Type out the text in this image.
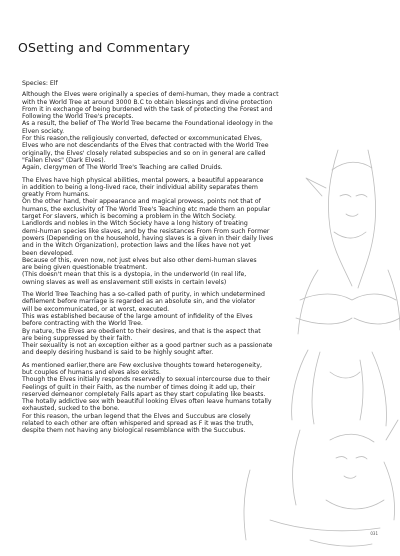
OSetting and Commentary

Species: Elf

Although the Elves were originally a species of demi-human, they made a contract
with the World Tree at around 3000 B.C to obtain blessings and divine protection
From it in exchange of being burdened with the task of protecting the Forest and
Following the World Tree's precepts.
As a result, the belief of The World Tree became the Foundational ideology in the
Elven society.
For this reason,the religiously converted, defected or excommunicated Elves,
Elves who are not descendants of the Elves that contracted with the World Tree
originally, the Elves' closely related subspecies and so on in general are called
"Fallen Elves" (Dark Elves).
Again, clergymen of The World Tree's Teaching are called Druids.
The Elves have high physical abilities, mental powers, a beautiful appearance
in addition to being a long-lived race, their individual ability separates them
greatly From humans.
On the other hand, their appearance and magical prowess, points not that of
humans, the exclusivity of The World Tree's Teaching etc made them an popular
target For slavers, which is becoming a problem in the Witch Society.
Landlords and nobles in the Witch Society have a long history of treating
demi-human species like slaves, and by the resistances From From such Former
powers (Depending on the household, having slaves is a given in their daily lives
and in the Witch Organization), protection laws and the likes have not yet
been developed.
Because of this, even now, not just elves but also other demi-human slaves
are being given questionable treatment.
(This doesn't mean that this is a dystopia, in the underworld (In real life,
owning slaves as well as enslavement still exists in certain levels)
The World Tree Teaching has a so-called path of purity, in which undetermined
defilement before marriage is regarded as an absolute sin, and the violator
will be excommunicated, or at worst, executed.
This was established because of the large amount of infidelity of the Elves
before contracting with the World Tree.
By nature, the Elves are obedient to their desires, and that is the aspect that
are being suppressed by their faith.
Their sexuality is not an exception either as a good partner such as a passionate
and deeply desiring husband is said to be highly sought after.
As mentioned earlier,there are Few exclusive thoughts toward heterogeneity,
but couples of humans and elves also exists.
Though the Elves initially responds reservedly to sexual intercourse due to their
Feelings of guilt in their Faith, as the number of times doing it add up, their
reserved demeanor completely Falls apart as they start copulating like beasts.
The hotally addictive sex with beautiful looking Elves often leave humans totally
exhausted, sucked to the bone.
For this reason, the urban legend that the Elves and Succubus are closely
related to each other are often whispered and spread as F it was the truth,
despite them not having any biological resemblance with the Succubus.
031
